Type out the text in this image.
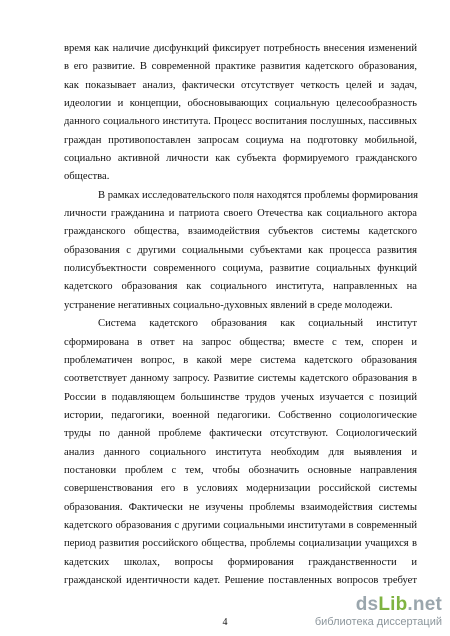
время как наличие дисфункций фиксирует потребность внесения изменений
в его развитие. В современной практике развития кадетского образования,
как показывает анализ, фактически отсутствует четкость целей и задач,
идеологии и концепции, обосновывающих социальную целесообразность
данного социального института. Процесс воспитания послушных, пассивных
граждан противопоставлен запросам социума на подготовку мобильной,
социально активной личности как субъекта формируемого гражданского
общества.
В рамках исследовательского поля находятся проблемы формирования
личности гражданина и патриота своего Отечества как социального актора
гражданского общества, взаимодействия субъектов системы кадетского
образования с другими социальными субъектами как процесса развития
полисубъектности современного социума, развитие социальных функций
кадетского образования как социального института, направленных на
устранение негативных социально-духовных явлений в среде молодежи.
Система кадетского образования как социальный институт
сформирована в ответ на запрос общества; вместе с тем, спорен и
проблематичен вопрос, в какой мере система кадетского образования
соответствует данному запросу. Развитие системы кадетского образования в
России в подавляющем большинстве трудов ученых изучается с позиций
истории, педагогики, военной педагогики. Собственно социологические
труды по данной проблеме фактически отсутствуют. Социологический
анализ данного социального института необходим для выявления и
постановки проблем с тем, чтобы обозначить основные направления
совершенствования его в условиях модернизации российской системы
образования. Фактически не изучены проблемы взаимодействия системы
кадетского образования с другими социальными институтами в современный
период развития российского общества, проблемы социализации учащихся в
кадетских школах, вопросы формирования гражданственности и
гражданской идентичности кадет. Решение поставленных вопросов требует
4
dsLib.net
библиотека диссертаций
